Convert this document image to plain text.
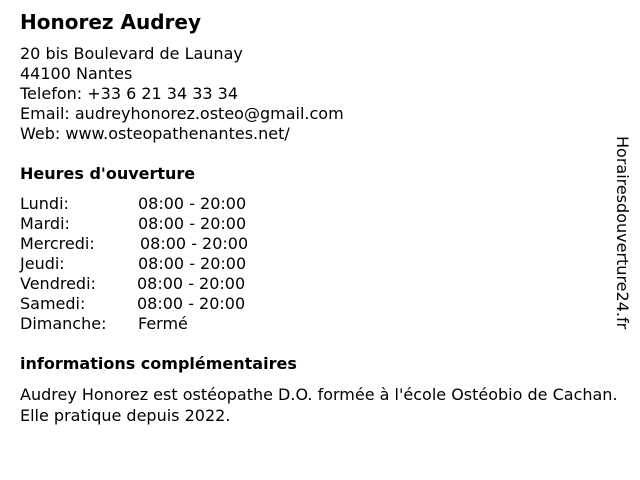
Honorez Audrey
20 bis Boulevard de Launay
44100 Nantes
Telefon: +33 6 21 34 33 34
Email: audreyhonorez.osteo@gmail.com
Web: www.osteopathenantes.net/
Heures d'ouverture
Lundi:	08:00 - 20:00
Mardi:	08:00 - 20:00
Mercredi:	08:00 - 20:00
Jeudi:	08:00 - 20:00
Vendredi:	08:00 - 20:00
Samedi:	08:00 - 20:00
Dimanche: Fermé
informations complémentaires
Audrey Honorez est ostéopathe D.O. formée à l'école Ostéobio de Cachan. Elle pratique depuis 2022.
Horairesdouverture24.fr
